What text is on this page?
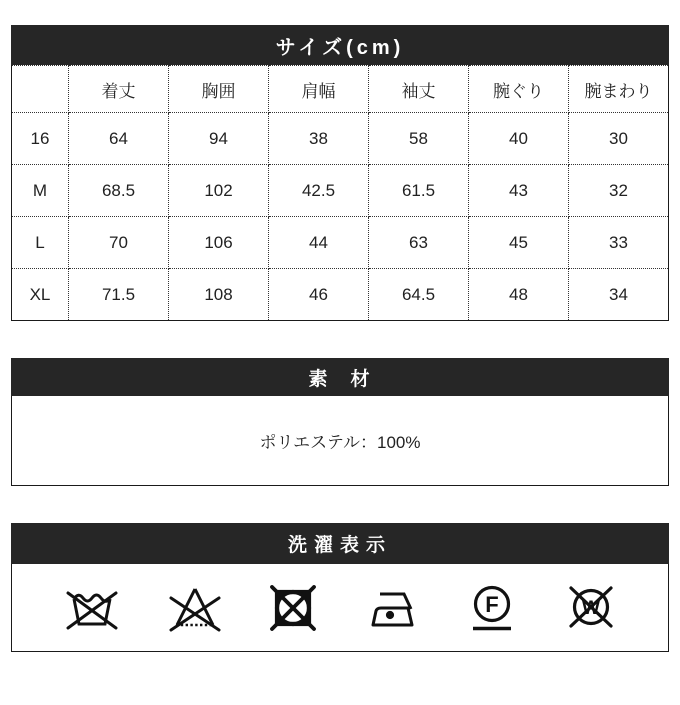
サイズ(cm)
	着丈	胸囲	肩幅	袖丈	腕ぐり	腕まわり
16	64	94	38	58	40	30
M	68.5	102	42.5	61.5	43	32
L	70	106	44	63	45	33
XL	71.5	108	46	64.5	48	34
素　材
ポリエステル：100%
洗濯表示
F	W
